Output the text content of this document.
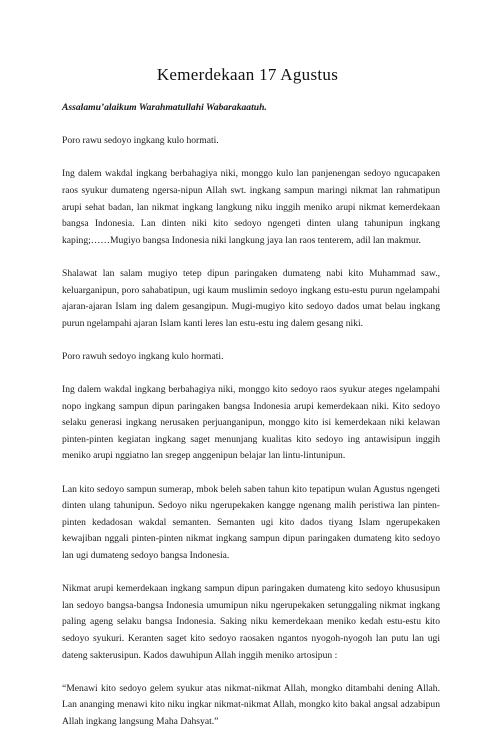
Kemerdekaan 17 Agustus

Assalamu’alaikum Warahmatullahi Wabarakaatuh.

Poro rawu sedoyo ingkang kulo hormati.

Ing dalem wakdal ingkang berbahagiya niki, monggo kulo lan panjenengan sedoyo ngucapaken raos syukur dumateng ngersa-nipun Allah swt. ingkang sampun maringi nikmat lan rahmatipun arupi sehat badan, lan nikmat ingkang langkung niku inggih meniko arupi nikmat kemerdekaan bangsa Indonesia. Lan dinten niki kito sedoyo ngengeti dinten ulang tahunipun ingkang kaping;……Mugiyo bangsa Indonesia niki langkung jaya lan raos tenterem, adil lan makmur.

Shalawat lan salam mugiyo tetep dipun paringaken dumateng nabi kito Muhammad saw., keluarganipun, poro sahabatipun, ugi kaum muslimin sedoyo ingkang estu-estu purun ngelampahi ajaran-ajaran Islam ing dalem gesangipun. Mugi-mugiyo kito sedoyo dados umat belau ingkang purun ngelampahi ajaran Islam kanti leres lan estu-estu ing dalem gesang niki.

Poro rawuh sedoyo ingkang kulo hormati.

Ing dalem wakdal ingkang berbahagiya niki, monggo kito sedoyo raos syukur ateges ngelampahi nopo ingkang sampun dipun paringaken bangsa Indonesia arupi kemerdekaan niki. Kito sedoyo selaku generasi ingkang nerusaken perjuanganipun, monggo kito isi kemerdekaan niki kelawan pinten-pinten kegiatan ingkang saget menunjang kualitas kito sedoyo ing antawisipun inggih meniko arupi nggiatno lan sregep anggenipun belajar lan lintu-lintunipun.

Lan kito sedoyo sampun sumerap, mbok beleh saben tahun kito tepatipun wulan Agustus ngengeti dinten ulang tahunipun. Sedoyo niku ngerupekaken kangge ngenang malih peristiwa lan pinten-pinten kedadosan wakdal semanten. Semanten ugi kito dados tiyang Islam ngerupekaken kewajiban nggali pinten-pinten nikmat ingkang sampun dipun paringaken dumateng kito sedoyo lan ugi dumateng sedoyo bangsa Indonesia.

Nikmat arupi kemerdekaan ingkang sampun dipun paringaken dumateng kito sedoyo khususipun lan sedoyo bangsa-bangsa Indonesia umumipun niku ngerupekaken setunggaling nikmat ingkang paling ageng selaku bangsa Indonesia. Saking niku kemerdekaan meniko kedah estu-estu kito sedoyo syukuri. Keranten saget kito sedoyo raosaken ngantos nyogoh-nyogoh lan putu lan ugi dateng sakterusipun. Kados dawuhipun Allah inggih meniko artosipun :

“Menawi kito sedoyo gelem syukur atas nikmat-nikmat Allah, mongko ditambahi dening Allah. Lan ananging menawi kito niku ingkar nikmat-nikmat Allah, mongko kito bakal angsal adzabipun Allah ingkang langsung Maha Dahsyat.”
